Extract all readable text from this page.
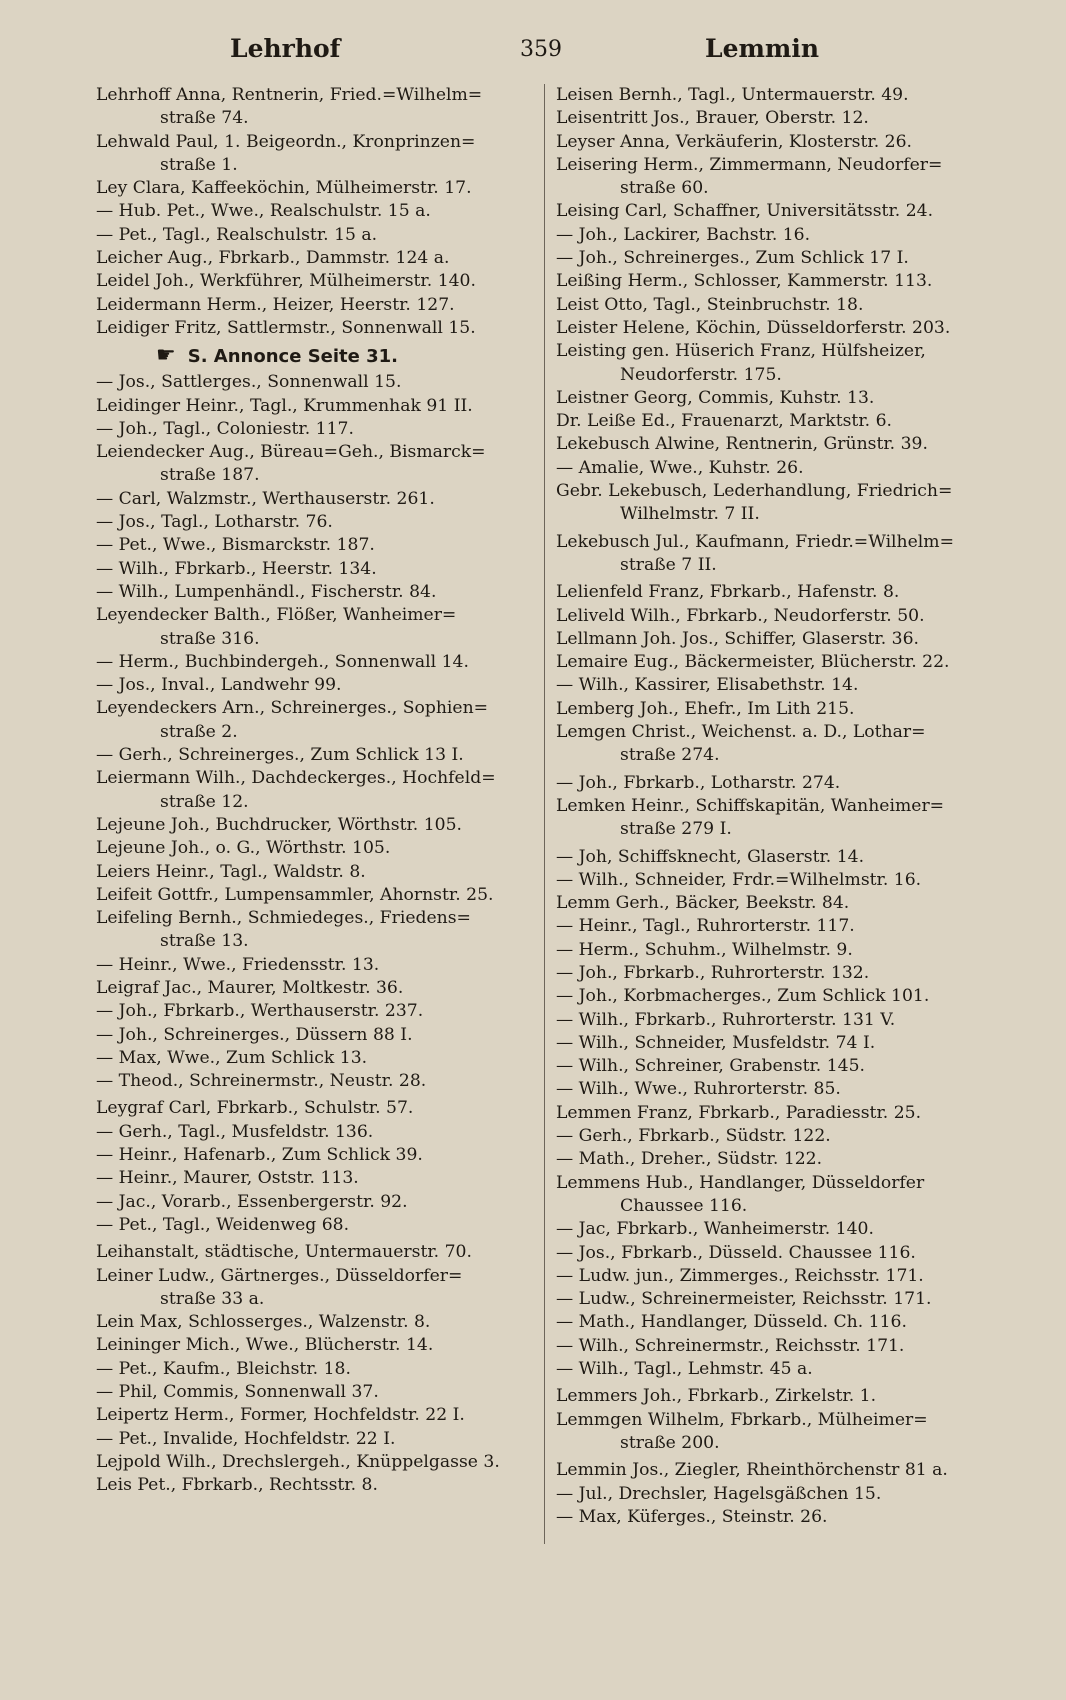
Lehrhof	359	Lemmin
Lehrhoff Anna, Rentnerin, Fried.=Wilhelm=
straße 74.
Lehwald Paul, 1. Beigeordn., Kronprinzen=
straße 1.
Ley Clara, Kaffeeköchin, Mülheimerstr. 17.
— Hub. Pet., Wwe., Realschulstr. 15 a.
— Pet., Tagl., Realschulstr. 15 a.
Leicher Aug., Fbrkarb., Dammstr. 124 a.
Leidel Joh., Werkführer, Mülheimerstr. 140.
Leidermann Herm., Heizer, Heerstr. 127.
Leidiger Fritz, Sattlermstr., Sonnenwall 15.
☛ S. Annonce Seite 31.
— Jos., Sattlerges., Sonnenwall 15.
Leidinger Heinr., Tagl., Krummenhak 91 II.
— Joh., Tagl., Coloniestr. 117.
Leiendecker Aug., Büreau=Geh., Bismarck=
straße 187.
— Carl, Walzmstr., Werthauserstr. 261.
— Jos., Tagl., Lotharstr. 76.
— Pet., Wwe., Bismarckstr. 187.
— Wilh., Fbrkarb., Heerstr. 134.
— Wilh., Lumpenhändl., Fischerstr. 84.
Leyendecker Balth., Flößer, Wanheimer=
straße 316.
— Herm., Buchbindergeh., Sonnenwall 14.
— Jos., Inval., Landwehr 99.
Leyendeckers Arn., Schreinerges., Sophien=
straße 2.
— Gerh., Schreinerges., Zum Schlick 13 I.
Leiermann Wilh., Dachdeckerges., Hochfeld=
straße 12.
Lejeune Joh., Buchdrucker, Wörthstr. 105.
Lejeune Joh., o. G., Wörthstr. 105.
Leiers Heinr., Tagl., Waldstr. 8.
Leifeit Gottfr., Lumpensammler, Ahornstr. 25.
Leifeling Bernh., Schmiedeges., Friedens=
straße 13.
— Heinr., Wwe., Friedensstr. 13.
Leigraf Jac., Maurer, Moltkestr. 36.
— Joh., Fbrkarb., Werthauserstr. 237.
— Joh., Schreinerges., Düssern 88 I.
— Max, Wwe., Zum Schlick 13.
— Theod., Schreinermstr., Neustr. 28.
Leygraf Carl, Fbrkarb., Schulstr. 57.
— Gerh., Tagl., Musfeldstr. 136.
— Heinr., Hafenarb., Zum Schlick 39.
— Heinr., Maurer, Oststr. 113.
— Jac., Vorarb., Essenbergerstr. 92.
— Pet., Tagl., Weidenweg 68.
Leihanstalt, städtische, Untermauerstr. 70.
Leiner Ludw., Gärtnerges., Düsseldorfer=
straße 33 a.
Lein Max, Schlosserges., Walzenstr. 8.
Leininger Mich., Wwe., Blücherstr. 14.
— Pet., Kaufm., Bleichstr. 18.
— Phil, Commis, Sonnenwall 37.
Leipertz Herm., Former, Hochfeldstr. 22 I.
— Pet., Invalide, Hochfeldstr. 22 I.
Lejpold Wilh., Drechslergeh., Knüppelgasse 3.
Leis Pet., Fbrkarb., Rechtsstr. 8.
Leisen Bernh., Tagl., Untermauerstr. 49.
Leisentritt Jos., Brauer, Oberstr. 12.
Leyser Anna, Verkäuferin, Klosterstr. 26.
Leisering Herm., Zimmermann, Neudorfer=
straße 60.
Leising Carl, Schaffner, Universitätsstr. 24.
— Joh., Lackirer, Bachstr. 16.
— Joh., Schreinerges., Zum Schlick 17 I.
Leißing Herm., Schlosser, Kammerstr. 113.
Leist Otto, Tagl., Steinbruchstr. 18.
Leister Helene, Köchin, Düsseldorferstr. 203.
Leisting gen. Hüserich Franz, Hülfsheizer,
Neudorferstr. 175.
Leistner Georg, Commis, Kuhstr. 13.
Dr. Leiße Ed., Frauenarzt, Marktstr. 6.
Lekebusch Alwine, Rentnerin, Grünstr. 39.
— Amalie, Wwe., Kuhstr. 26.
Gebr. Lekebusch, Lederhandlung, Friedrich=
Wilhelmstr. 7 II.
Lekebusch Jul., Kaufmann, Friedr.=Wilhelm=
straße 7 II.
Lelienfeld Franz, Fbrkarb., Hafenstr. 8.
Leliveld Wilh., Fbrkarb., Neudorferstr. 50.
Lellmann Joh. Jos., Schiffer, Glaserstr. 36.
Lemaire Eug., Bäckermeister, Blücherstr. 22.
— Wilh., Kassirer, Elisabethstr. 14.
Lemberg Joh., Ehefr., Im Lith 215.
Lemgen Christ., Weichenst. a. D., Lothar=
straße 274.
— Joh., Fbrkarb., Lotharstr. 274.
Lemken Heinr., Schiffskapitän, Wanheimer=
straße 279 I.
— Joh, Schiffsknecht, Glaserstr. 14.
— Wilh., Schneider, Frdr.=Wilhelmstr. 16.
Lemm Gerh., Bäcker, Beekstr. 84.
— Heinr., Tagl., Ruhrorterstr. 117.
— Herm., Schuhm., Wilhelmstr. 9.
— Joh., Fbrkarb., Ruhrorterstr. 132.
— Joh., Korbmacherges., Zum Schlick 101.
— Wilh., Fbrkarb., Ruhrorterstr. 131 V.
— Wilh., Schneider, Musfeldstr. 74 I.
— Wilh., Schreiner, Grabenstr. 145.
— Wilh., Wwe., Ruhrorterstr. 85.
Lemmen Franz, Fbrkarb., Paradiesstr. 25.
— Gerh., Fbrkarb., Südstr. 122.
— Math., Dreher., Südstr. 122.
Lemmens Hub., Handlanger, Düsseldorfer
Chaussee 116.
— Jac, Fbrkarb., Wanheimerstr. 140.
— Jos., Fbrkarb., Düsseld. Chaussee 116.
— Ludw. jun., Zimmerges., Reichsstr. 171.
— Ludw., Schreinermeister, Reichsstr. 171.
— Math., Handlanger, Düsseld. Ch. 116.
— Wilh., Schreinermstr., Reichsstr. 171.
— Wilh., Tagl., Lehmstr. 45 a.
Lemmers Joh., Fbrkarb., Zirkelstr. 1.
Lemmgen Wilhelm, Fbrkarb., Mülheimer=
straße 200.
Lemmin Jos., Ziegler, Rheinthörchenstr 81 a.
— Jul., Drechsler, Hagelsgäßchen 15.
— Max, Küferges., Steinstr. 26.
